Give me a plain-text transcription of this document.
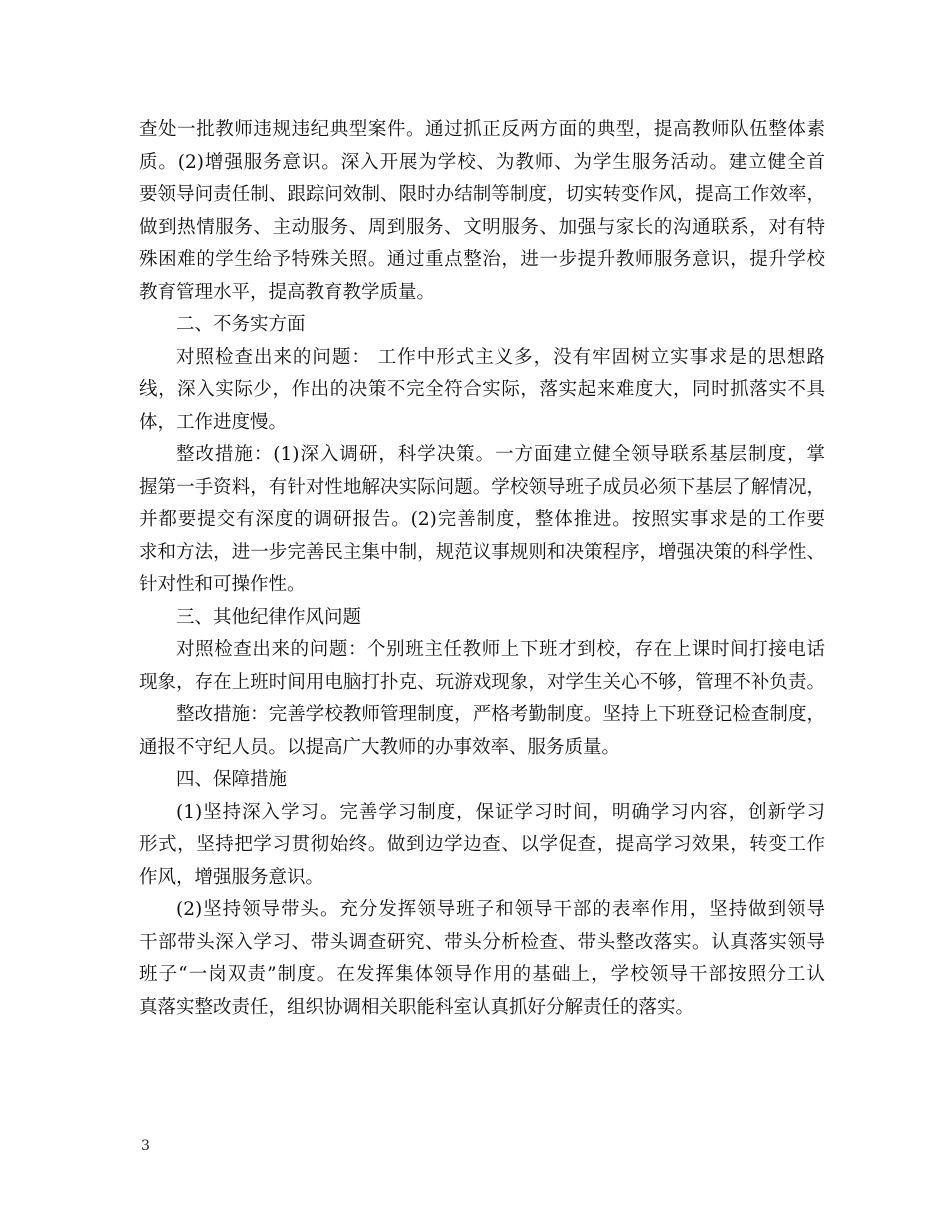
查处一批教师违规违纪典型案件。通过抓正反两方面的典型，提高教师队伍整体素
质。(2)增强服务意识。深入开展为学校、为教师、为学生服务活动。建立健全首
要领导问责任制、跟踪问效制、限时办结制等制度，切实转变作风，提高工作效率，
做到热情服务、主动服务、周到服务、文明服务、加强与家长的沟通联系，对有特
殊困难的学生给予特殊关照。通过重点整治，进一步提升教师服务意识，提升学校
教育管理水平，提高教育教学质量。
二、不务实方面
对照检查出来的问题： 工作中形式主义多，没有牢固树立实事求是的思想路
线，深入实际少，作出的决策不完全符合实际，落实起来难度大，同时抓落实不具
体，工作进度慢。
整改措施：(1)深入调研，科学决策。一方面建立健全领导联系基层制度，掌
握第一手资料，有针对性地解决实际问题。学校领导班子成员必须下基层了解情况，
并都要提交有深度的调研报告。(2)完善制度，整体推进。按照实事求是的工作要
求和方法，进一步完善民主集中制，规范议事规则和决策程序，增强决策的科学性、
针对性和可操作性。
三、其他纪律作风问题
对照检查出来的问题：个别班主任教师上下班才到校，存在上课时间打接电话
现象，存在上班时间用电脑打扑克、玩游戏现象，对学生关心不够，管理不补负责。
整改措施：完善学校教师管理制度，严格考勤制度。坚持上下班登记检查制度，
通报不守纪人员。以提高广大教师的办事效率、服务质量。
四、保障措施
(1)坚持深入学习。完善学习制度，保证学习时间，明确学习内容，创新学习
形式，坚持把学习贯彻始终。做到边学边查、以学促查，提高学习效果，转变工作
作风，增强服务意识。
(2)坚持领导带头。充分发挥领导班子和领导干部的表率作用，坚持做到领导
干部带头深入学习、带头调查研究、带头分析检查、带头整改落实。认真落实领导
班子“一岗双责”制度。在发挥集体领导作用的基础上，学校领导干部按照分工认
真落实整改责任，组织协调相关职能科室认真抓好分解责任的落实。
3
